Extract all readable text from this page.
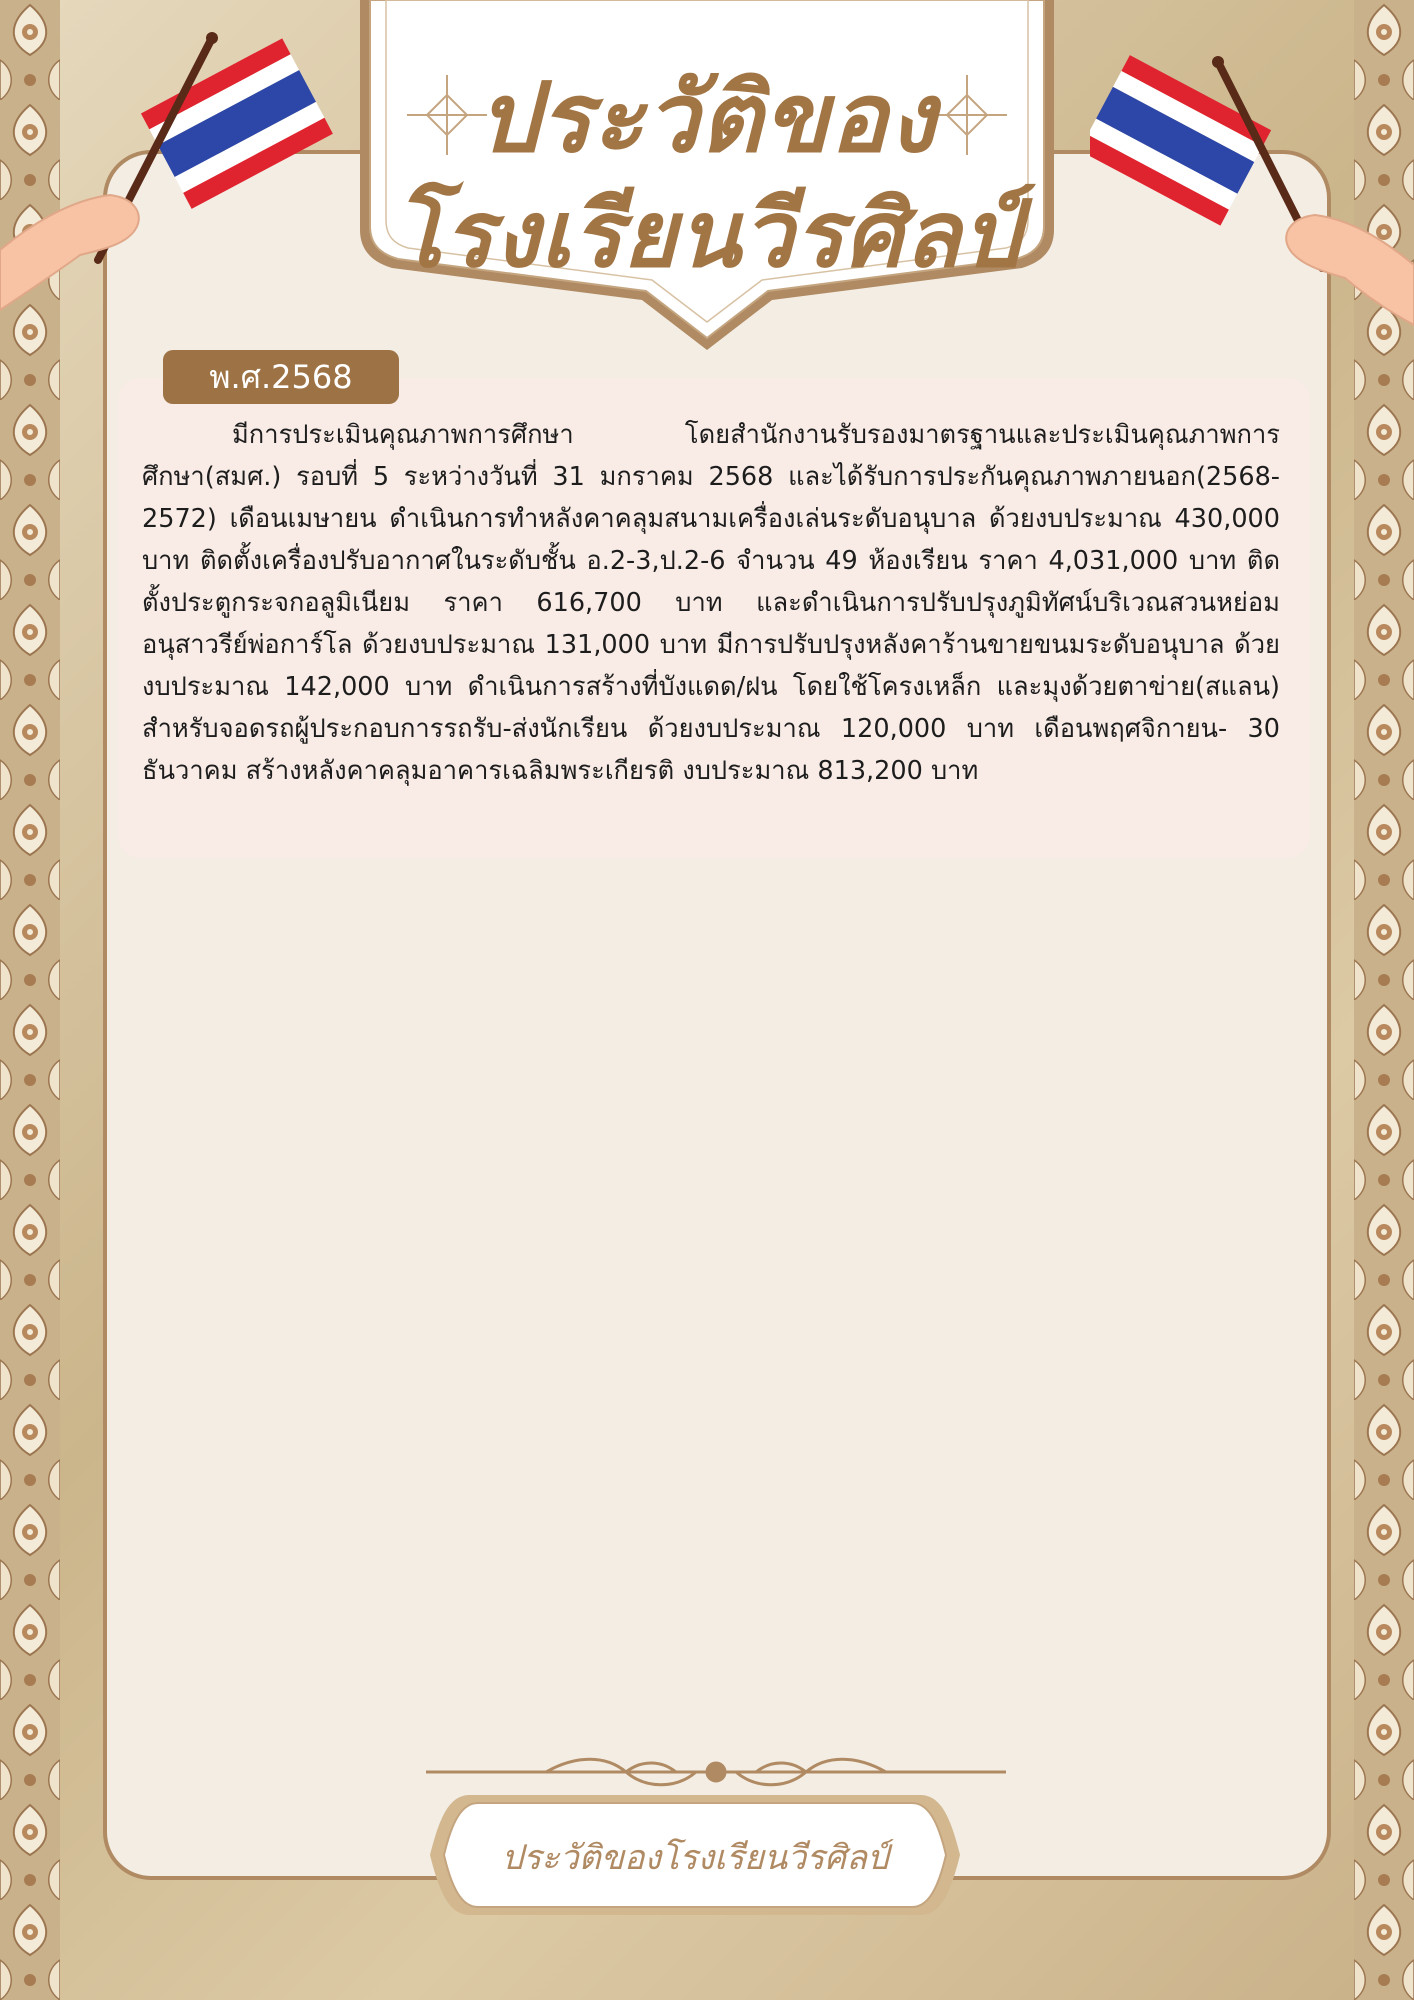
ประวัติของ
โรงเรียนวีรศิลป์

มีการประเมินคุณภาพการศึกษา โดยสำนักงานรับรองมาตรฐานและประเมินคุณภาพการศึกษา(สมศ.) รอบที่ 5 ระหว่างวันที่ 31 มกราคม 2568 และได้รับการประกันคุณภาพภายนอก(2568-2572) เดือนเมษายน ดำเนินการทำหลังคาคลุมสนามเครื่องเล่นระดับอนุบาล ด้วยงบประมาณ 430,000 บาท ติดตั้งเครื่องปรับอากาศในระดับชั้น อ.2-3,ป.2-6 จำนวน 49 ห้องเรียน ราคา 4,031,000 บาท ติดตั้งประตูกระจกอลูมิเนียม ราคา 616,700 บาท และดำเนินการปรับปรุงภูมิทัศน์บริเวณสวนหย่อมอนุสาวรีย์พ่อการ์โล ด้วยงบประมาณ 131,000 บาท มีการปรับปรุงหลังคาร้านขายขนมระดับอนุบาล ด้วยงบประมาณ 142,000 บาท ดำเนินการสร้างที่บังแดด/ฝน โดยใช้โครงเหล็ก และมุงด้วยตาข่าย(สแลน) สำหรับจอดรถผู้ประกอบการรถรับ-ส่งนักเรียน ด้วยงบประมาณ 120,000 บาท เดือนพฤศจิกายน- 30 ธันวาคม สร้างหลังคาคลุมอาคารเฉลิมพระเกียรติ งบประมาณ 813,200 บาท

พ.ศ.2568
ประวัติของโรงเรียนวีรศิลป์
